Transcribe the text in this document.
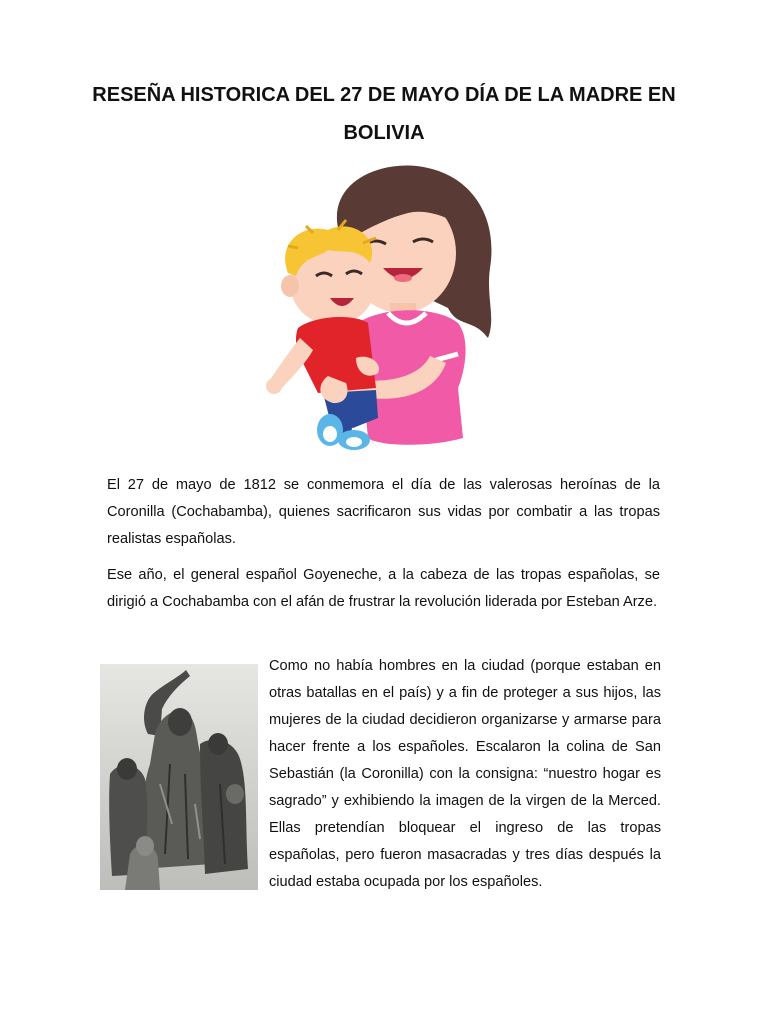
RESEÑA HISTORICA DEL 27 DE MAYO DÍA DE LA MADRE EN BOLIVIA

El 27 de mayo de 1812 se conmemora el día de las valerosas heroínas de la Coronilla (Cochabamba), quienes sacrificaron sus vidas por combatir a las tropas realistas españolas.

Ese año, el general español Goyeneche, a la cabeza de las tropas españolas, se dirigió a Cochabamba con el afán de frustrar la revolución liderada por Esteban Arze.

Como no había hombres en la ciudad (porque estaban en otras batallas en el país) y a fin de proteger a sus hijos, las mujeres de la ciudad decidieron organizarse y armarse para hacer frente a los españoles. Escalaron la colina de San Sebastián (la Coronilla) con la consigna: “nuestro hogar es sagrado” y exhibiendo la imagen de la virgen de la Merced. Ellas pretendían bloquear el ingreso de las tropas españolas, pero fueron masacradas y tres días después la ciudad estaba ocupada por los españoles.
